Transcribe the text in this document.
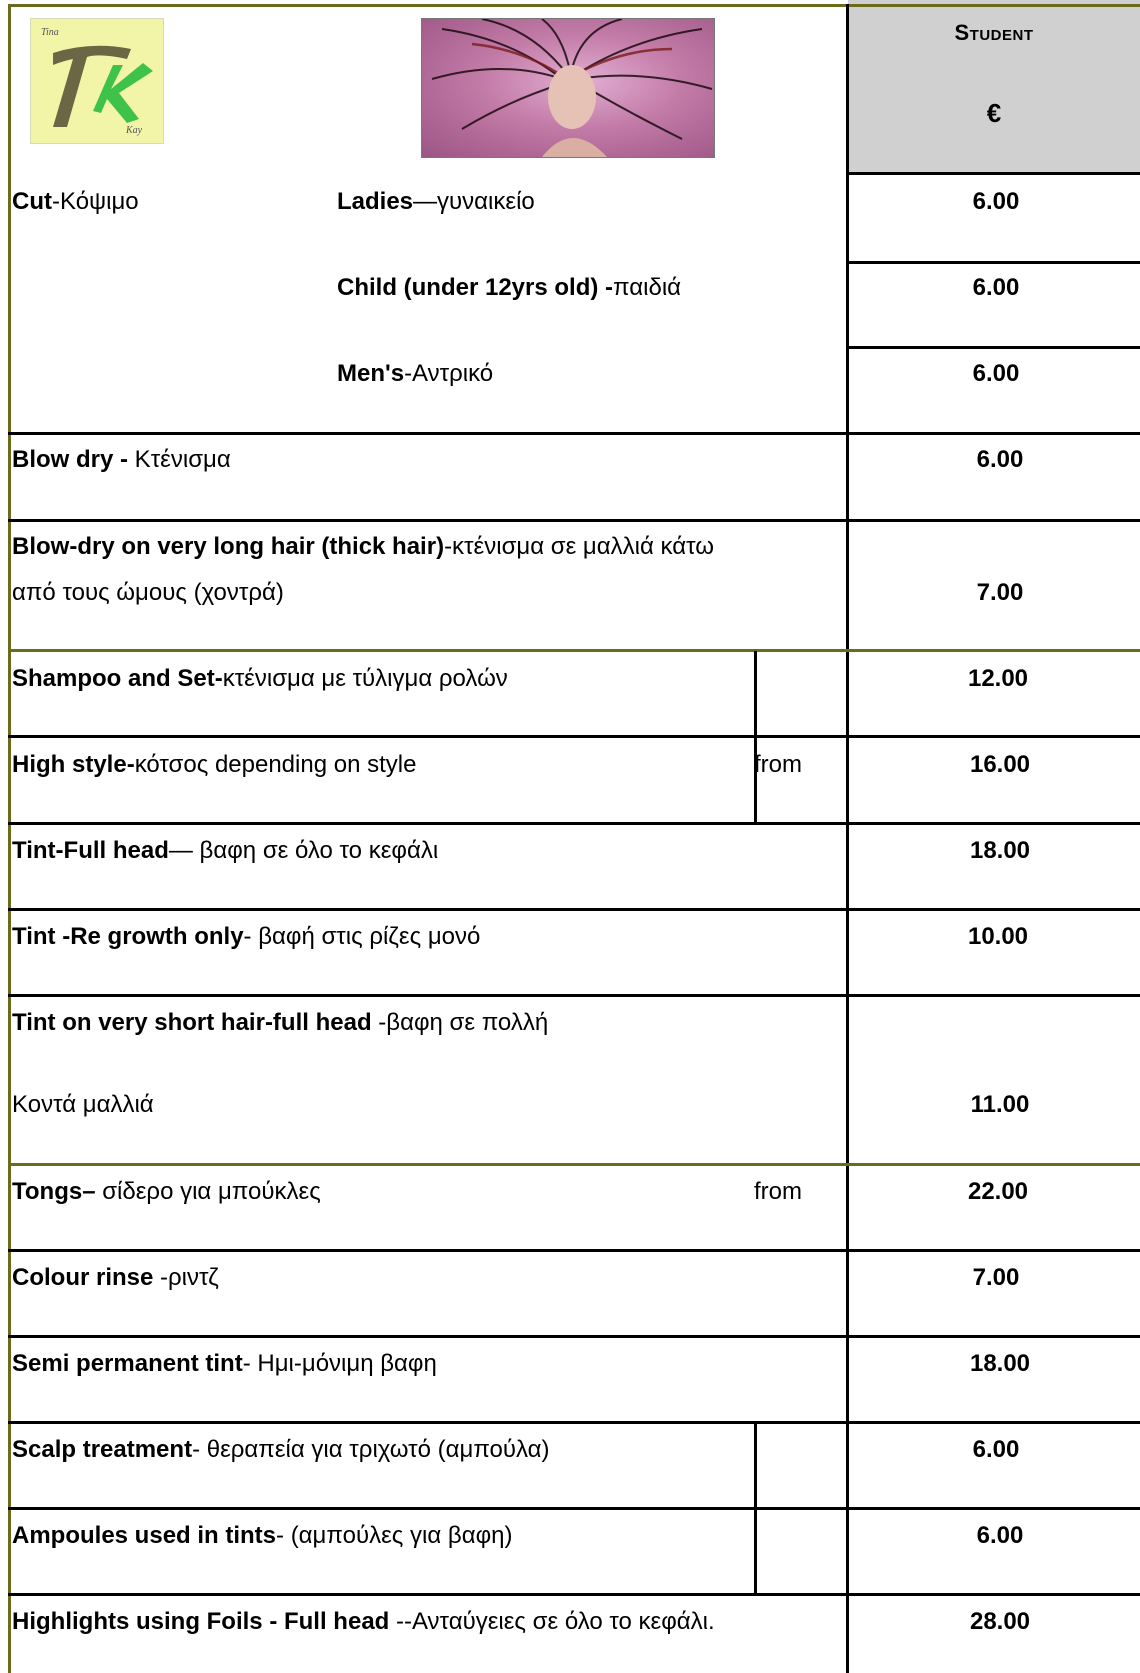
Student
€
Tina
Kay
Cut-Κόψιμο	Ladies—γυναικείο	6.00
Child (under 12yrs old) -παιδιά	6.00
Men's-Αντρικό	6.00
Blow dry - Κτένισμα	6.00
Blow-dry on very long hair (thick hair)-κτένισμα σε μαλλιά κάτω
από τους ώμους (χοντρά)	7.00
Shampoo and Set-κτένισμα με τύλιγμα ρολών	12.00
High style-κότσος depending on style	from	16.00
Tint-Full head— βαφη σε όλο το κεφάλι	18.00
Tint -Re growth only- βαφή στις ρίζες μονό	10.00
Tint on very short hair-full head -βαφη σε πολλή
Κοντά μαλλιά	11.00
Tongs– σίδερο για μπούκλες	from	22.00
Colour rinse -ριντζ	7.00
Semi permanent tint- Ημι-μόνιμη βαφη	18.00
Scalp treatment- θεραπεία για τριχωτό (αμπούλα)	6.00
Ampoules used in tints- (αμπούλες για βαφη)	6.00
Highlights using Foils - Full head --Ανταύγειες σε όλο το κεφάλι.	28.00
